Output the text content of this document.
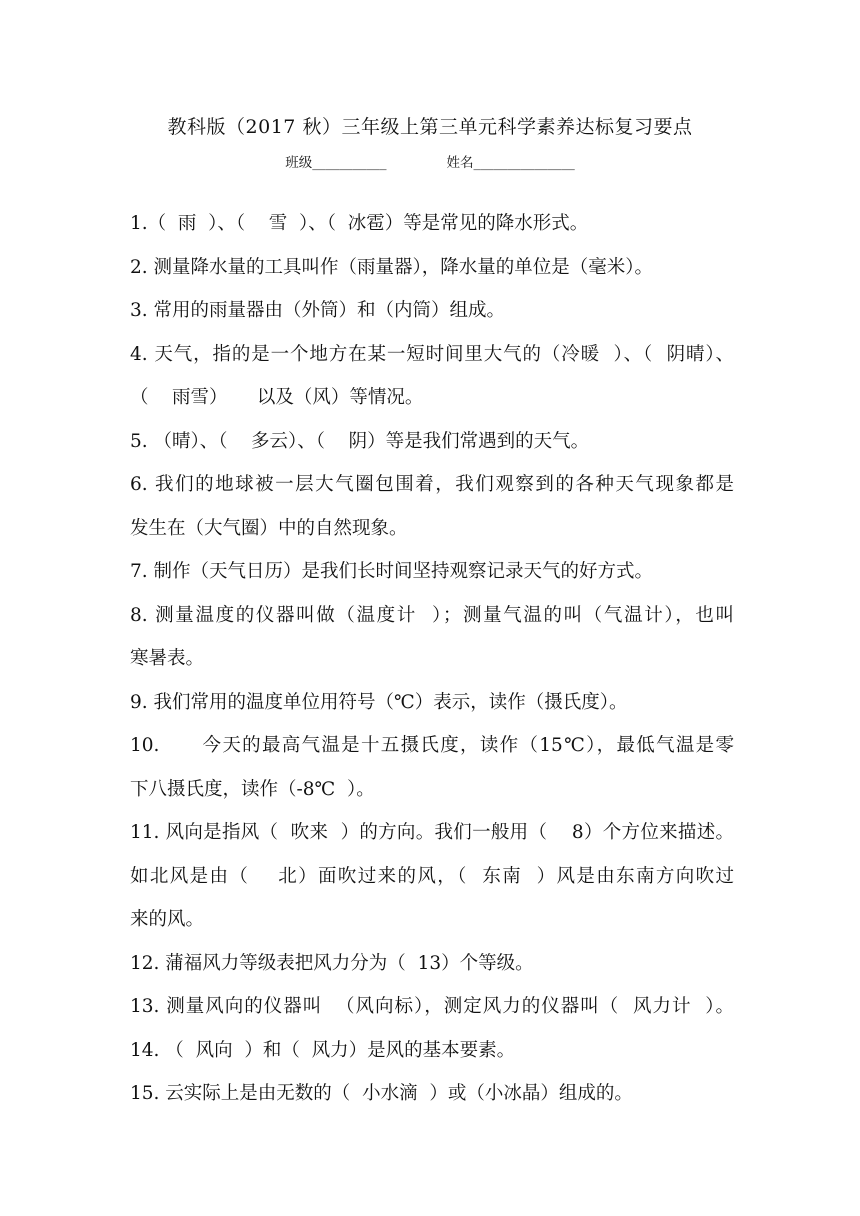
教科版（2017 秋）三年级上第三单元科学素养达标复习要点
班级___________	姓名_______________
1.（  雨  ）、（    雪  ）、（  冰雹）等是常见的降水形式。
2. 测量降水量的工具叫作（雨量器），降水量的单位是（毫米）。
3. 常用的雨量器由（外筒）和（内筒）组成。
4. 天气，指的是一个地方在某一短时间里大气的（冷暖  ）、（  阴晴）、
（    雨雪）     以及（风）等情况。
5. （晴）、（    多云）、（    阴）等是我们常遇到的天气。
6. 我们的地球被一层大气圈包围着，我们观察到的各种天气现象都是
发生在（大气圈）中的自然现象。
7. 制作（天气日历）是我们长时间坚持观察记录天气的好方式。
8. 测量温度的仪器叫做（温度计  ）；测量气温的叫（气温计），也叫
寒暑表。
9. 我们常用的温度单位用符号（℃）表示，读作（摄氏度）。
10.      今天的最高气温是十五摄氏度，读作（15℃），最低气温是零
下八摄氏度，读作（-8℃  ）。
11. 风向是指风（  吹来  ）的方向。我们一般用（    8）个方位来描述。
如北风是由（    北）面吹过来的风，（  东南  ）风是由东南方向吹过
来的风。
12. 蒲福风力等级表把风力分为（  13）个等级。
13. 测量风向的仪器叫  （风向标），测定风力的仪器叫（  风力计  ）。
14. （  风向  ）和（  风力）是风的基本要素。
15. 云实际上是由无数的（  小水滴  ）或（小冰晶）组成的。
